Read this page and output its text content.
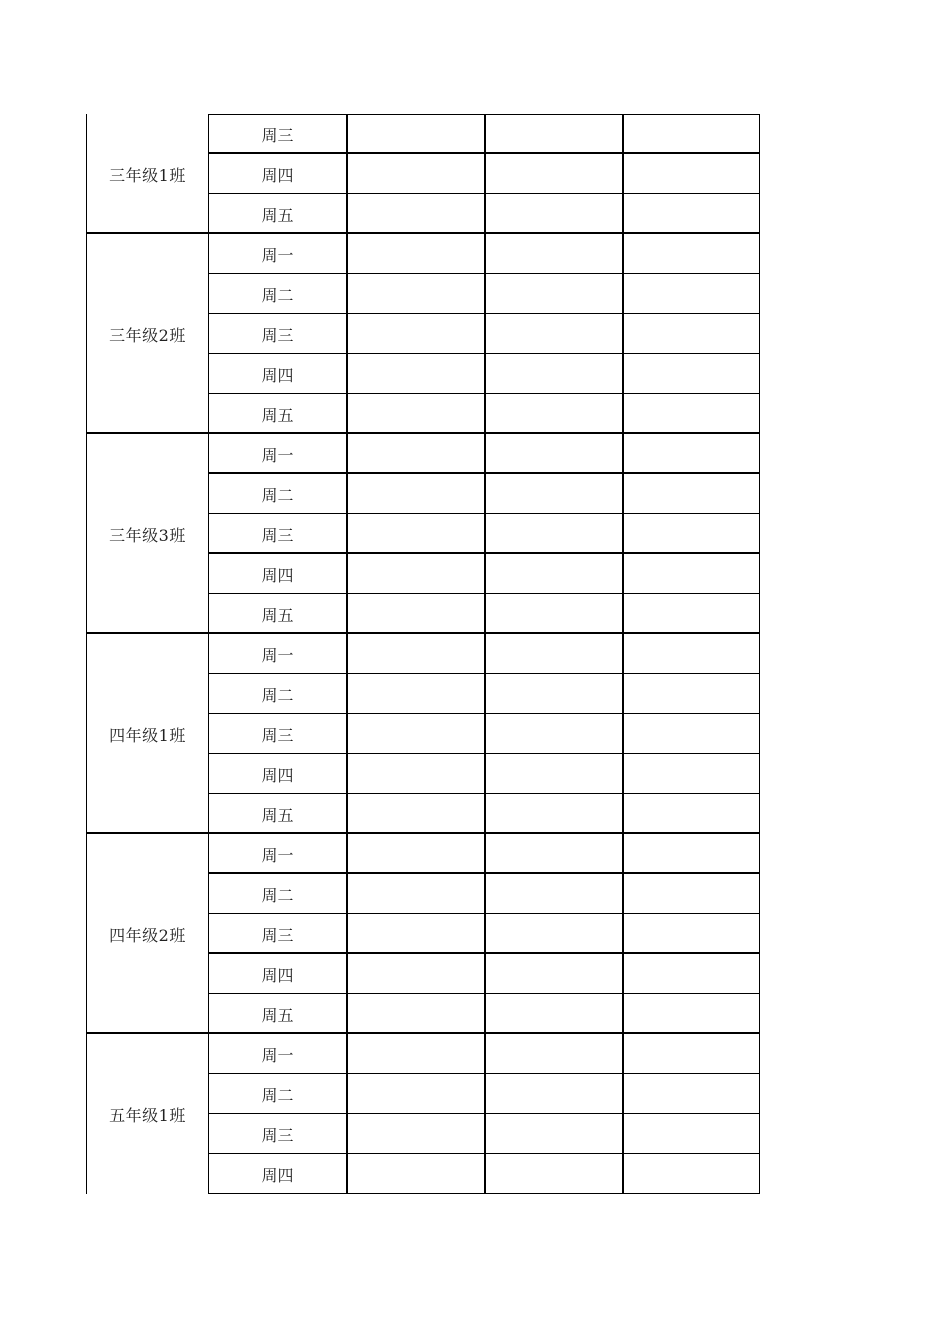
三年级1班
周三
周四
周五
三年级2班
周一
周二
周三
周四
周五
三年级3班
周一
周二
周三
周四
周五
四年级1班
周一
周二
周三
周四
周五
四年级2班
周一
周二
周三
周四
周五
五年级1班
周一
周二
周三
周四
